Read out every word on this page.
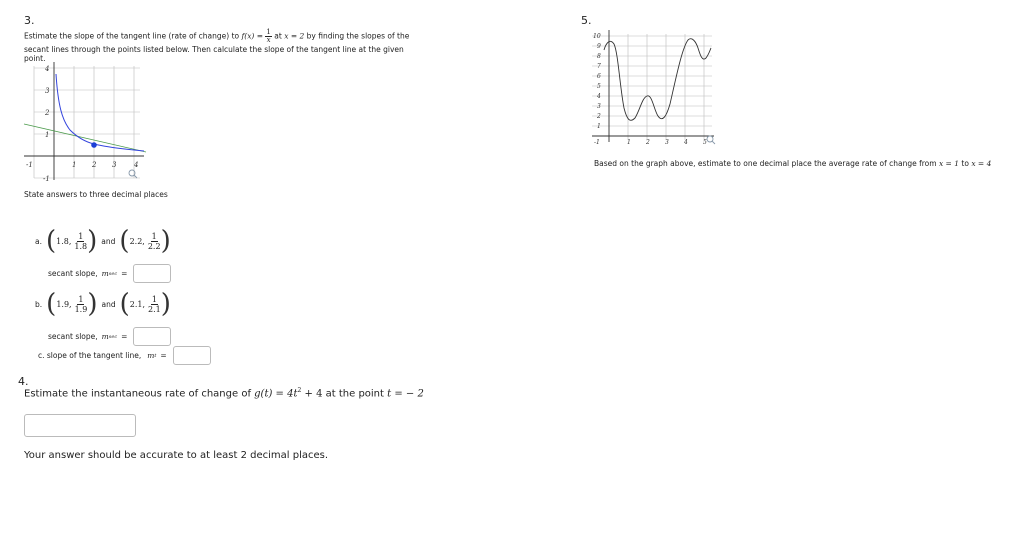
3.
Estimate the slope of the tangent line (rate of change) to $f(x) = \frac{1}{x}$ at x = 2 by finding the slopes of the
secant lines through the points listed below. Then calculate the slope of the tangent line at the given
point.
4
3
2
1
-1
-1	1 2 3	4
State answers to three decimal places
a. ( 1.8, $\frac{1}{1.8}$ ) and ( 2.2, $\frac{1}{2.2}$ )
secant slope, m sec =
b. ( 1.9, $\frac{1}{1.9}$ ) and ( 2.1, $\frac{1}{2.1}$ )
secant slope, m sec =
c. slope of the tangent line, m t =
4.
Estimate the instantaneous rate of change of $g(t) = 4t^2 + 4$ at the point t = − 2
Your answer should be accurate to at least 2 decimal places.
5.
10
9
8
7
6
5
4
3
2
1
-1	1	2	3	4	5
Based on the graph above, estimate to one decimal place the average rate of change from x = 1 to x = 4
